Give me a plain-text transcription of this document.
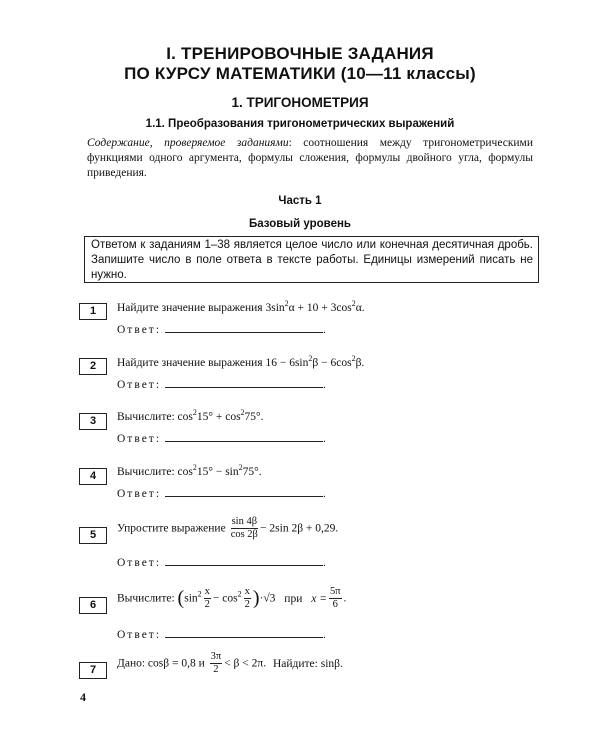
I. ТРЕНИРОВОЧНЫЕ ЗАДАНИЯ
ПО КУРСУ МАТЕМАТИКИ (10—11 классы)
1. ТРИГОНОМЕТРИЯ
1.1. Преобразования тригонометрических выражений
Содержание, проверяемое заданиями: соотношения между тригонометрическими функциями одного аргумента, формулы сложения, формулы двойного угла, формулы приведения.
Часть 1
Базовый уровень
Ответом к заданиям 1–38 является целое число или конечная десятичная дробь. Запишите число в поле ответа в тексте работы. Единицы измерений писать не нужно.
1	Найдите значение выражения $3\sin^2\alpha + 10 + 3\cos^2\alpha$.
Ответ:	.
2	Найдите значение выражения $16 - 6\sin^2\beta - 6\cos^2\beta$.
Ответ:	.
3	Вычислите: $\cos^215^\circ + \cos^275^\circ$.
Ответ:	.
4	Вычислите: $\cos^215^\circ - \sin^275^\circ$.
Ответ:	.
5
Упростите выражение $\frac{\sin 4\beta}{\cos 2\beta} - 2\sin$ 2β + 0,29.
Ответ:	.
6
Вычислите: $(\sin^2 \frac{x}{2} - \cos^2 \frac{x}{2} )\cdot√3$ при $x = \frac{5\pi}{6}$ .
Ответ:	.
7
Дано: cosβ = 0,8 и $\frac{3\pi}{2} < \beta < 2\pi$. Найдите: sinβ.
4
